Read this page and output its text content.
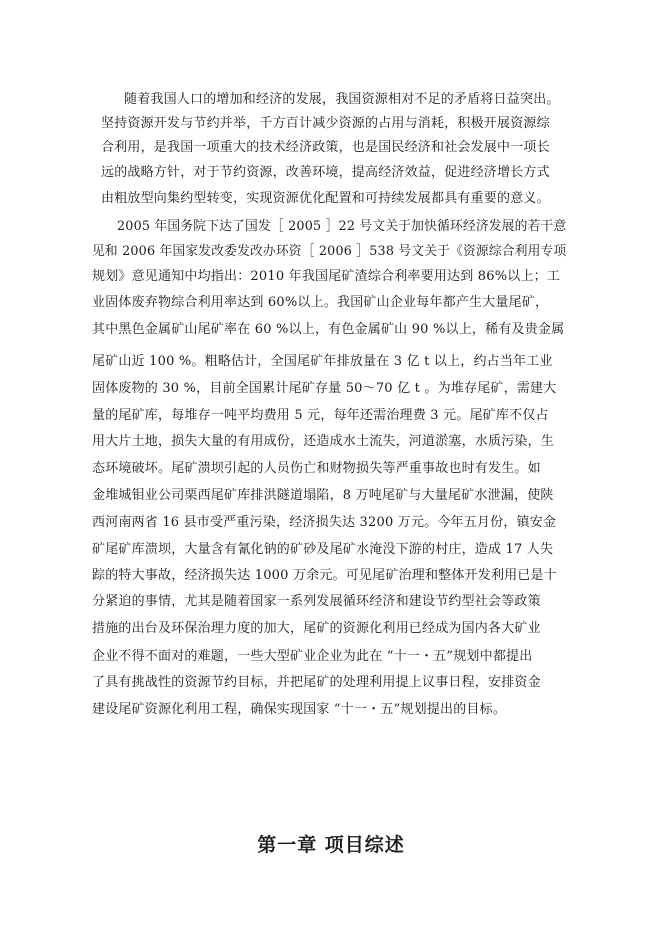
随着我国人口的增加和经济的发展，我国资源相对不足的矛盾将日益突出。
坚持资源开发与节约并举，千方百计减少资源的占用与消耗，积极开展资源综
合利用，是我国一项重大的技术经济政策，也是国民经济和社会发展中一项长
远的战略方针，对于节约资源，改善环境，提高经济效益，促进经济增长方式
由粗放型向集约型转变，实现资源优化配置和可持续发展都具有重要的意义。
2005 年国务院下达了国发［ 2005 ］22 号文关于加快循环经济发展的若干意
见和 2006 年国家发改委发改办环资［ 2006 ］538 号文关于《资源综合利用专项
规划》意见通知中均指出：2010 年我国尾矿渣综合利率要用达到 86%以上；工
业固体废弃物综合利用率达到 60%以上。我国矿山企业每年都产生大量尾矿，
其中黑色金属矿山尾矿率在 60 %以上，有色金属矿山 90 %以上，稀有及贵金属
尾矿山近 100 %。粗略估计，全国尾矿年排放量在 3 亿 t 以上，约占当年工业
固体废物的 30 %，目前全国累计尾矿存量 50～70 亿 t 。为堆存尾矿，需建大
量的尾矿库，每堆存一吨平均费用 5 元，每年还需治理费 3 元。尾矿库不仅占
用大片土地，损失大量的有用成份，还造成水土流失，河道淤塞，水质污染，生
态环境破坏。尾矿溃坝引起的人员伤亡和财物损失等严重事故也时有发生。如
金堆城钼业公司栗西尾矿库排洪隧道塌陷，8 万吨尾矿与大量尾矿水泄漏，使陕
西河南两省 16 县市受严重污染，经济损失达 3200 万元。今年五月份，镇安金
矿尾矿库溃坝，大量含有氰化钠的矿砂及尾矿水淹没下游的村庄，造成 17 人失
踪的特大事故，经济损失达 1000 万余元。可见尾矿治理和整体开发利用已是十
分紧迫的事情，尤其是随着国家一系列发展循环经济和建设节约型社会等政策
措施的出台及环保治理力度的加大，尾矿的资源化利用已经成为国内各大矿业
企业不得不面对的难题，一些大型矿业企业为此在 “十一・五”规划中都提出
了具有挑战性的资源节约目标，并把尾矿的处理利用提上议事日程，安排资金
建设尾矿资源化利用工程，确保实现国家 “十一・五”规划提出的目标。
第一章 项目综述
